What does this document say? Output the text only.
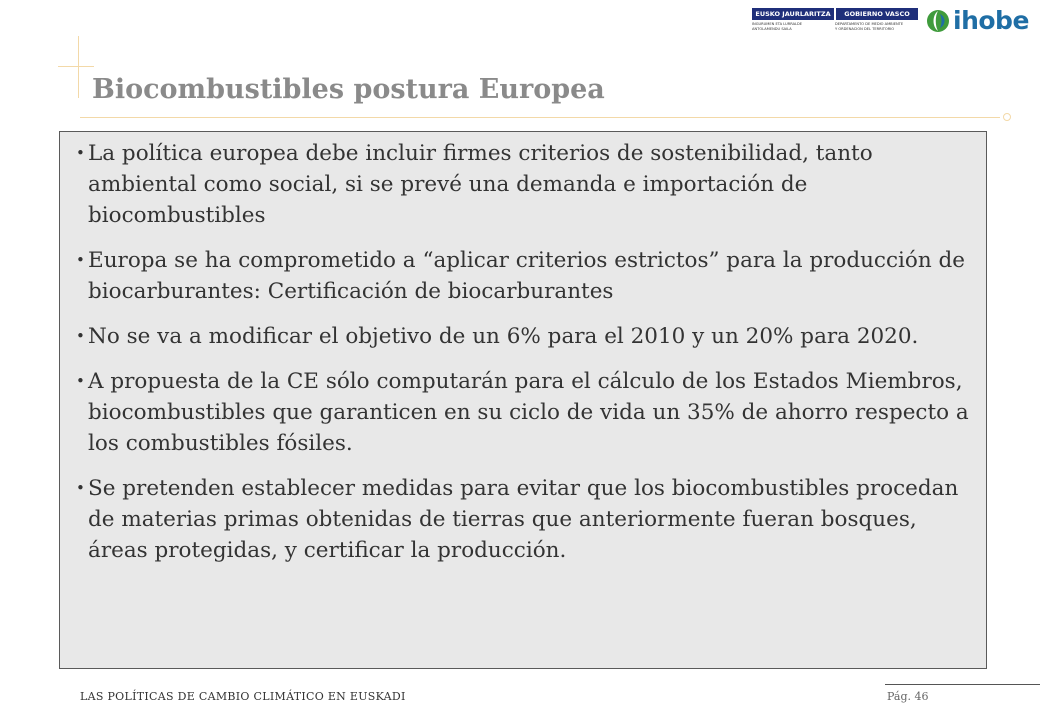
EUSKO JAURLARITZA	GOBIERNO VASCO
INGURUMEN ETA LURRALDE
ANTOLAMENDU SAILA
DEPARTAMENTO DE MEDIO AMBIENTE
Y ORDENACIÓN DEL TERRITORIO	ihobe
Biocombustibles postura Europea
• La política europea debe incluir firmes criterios de sostenibilidad, tanto ambiental como social, si se prevé una demanda e importación de biocombustibles
• Europa se ha comprometido a “aplicar criterios estrictos” para la producción de biocarburantes: Certificación de biocarburantes
• No se va a modificar el objetivo de un 6% para el 2010 y un 20% para 2020.
• A propuesta de la CE sólo computarán para el cálculo de los Estados Miembros, biocombustibles que garanticen en su ciclo de vida un 35% de ahorro respecto a los combustibles fósiles.
• Se pretenden establecer medidas para evitar que los biocombustibles procedan de materias primas obtenidas de tierras que anteriormente fueran bosques, áreas protegidas, y certificar la producción.
LAS POLÍTICAS DE CAMBIO CLIMÁTICO EN EUSKADI	Pág. 46
